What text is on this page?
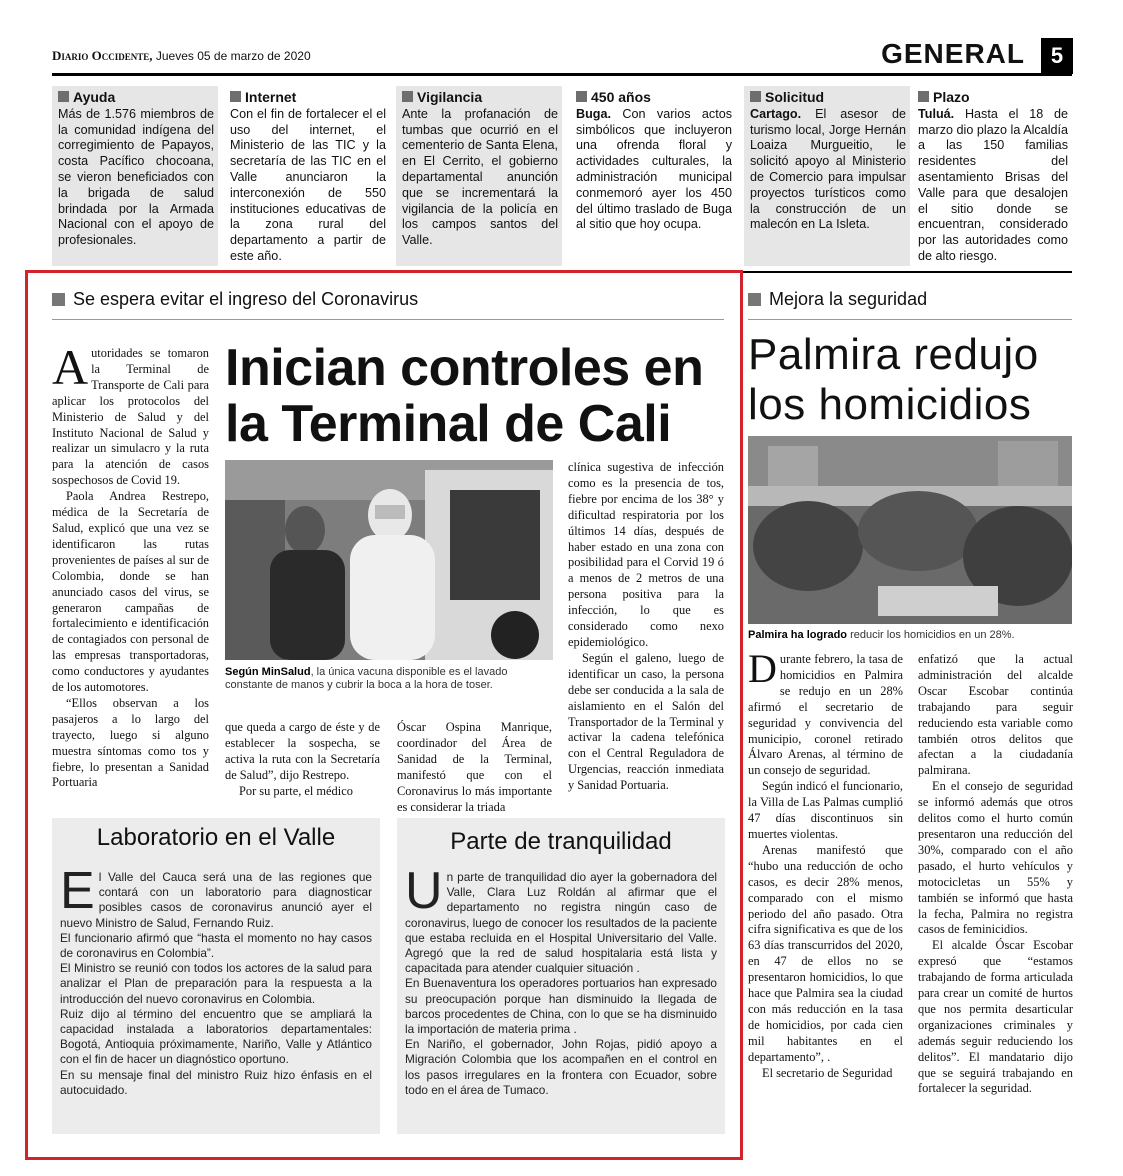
Diario Occidente, Jueves 05 de marzo de 2020	GENERAL	5
Ayuda
Más de 1.576 miembros de la comunidad indígena del corregimiento de Papayos, costa Pacífico chocoana, se vieron beneficiados con la brigada de salud brindada por la Armada Nacional con el apoyo de profesionales.
Internet
Con el fin de fortalecer el el uso del internet, el Ministerio de las TIC y la secretaría de las TIC en el Valle anunciaron la interconexión de 550 instituciones educativas de la zona rural del departamento a partir de este año.
Vigilancia
Ante la profanación de tumbas que ocurrió en el cementerio de Santa Elena, en El Cerrito, el gobierno departamental anunción que se incrementará la vigilancia de la policía en los campos santos del Valle.
450 años
Buga. Con varios actos simbólicos que incluyeron una ofrenda floral y actividades culturales, la administración municipal conmemoró ayer los 450 del último traslado de Buga al sitio que hoy ocupa.
Solicitud
Cartago. El asesor de turismo local, Jorge Hernán Loaiza Murgueitio, le solicitó apoyo al Ministerio de Comercio para impulsar proyectos turísticos como la construcción de un malecón en La Isleta.
Plazo
Tuluá. Hasta el 18 de marzo dio plazo la Alcaldía a las 150 familias residentes del asentamiento Brisas del Valle para que desalojen el sitio donde se encuentran, considerado por las autoridades como de alto riesgo.
Se espera evitar el ingreso del Coronavirus
Inician controles en
la Terminal de Cali

Autoridades se tomaron la Terminal de Transporte de Cali para aplicar los protocolos del Ministerio de Salud y del Instituto Nacional de Salud y realizar un simulacro y la ruta para la atención de casos sospechosos de Covid 19.

Paola Andrea Restrepo, médica de la Secretaría de Salud, explicó que una vez se identificaron las rutas provenientes de países al sur de Colombia, donde se han anunciado casos del virus, se generaron campañas de fortalecimiento e identificación de contagiados con personal de las empresas transportadoras, como conductores y ayudantes de los automotores.

“Ellos observan a los pasajeros a lo largo del trayecto, luego si alguno muestra síntomas como tos y fiebre, lo presentan a Sanidad Portuaria

Según MinSalud, la única vacuna disponible es el lavado constante de manos y cubrir la boca a la hora de toser.

que queda a cargo de éste y de establecer la sospecha, se activa la ruta con la Secretaría de Salud”, dijo Restrepo.

Por su parte, el médico

Óscar Ospina Manrique, coordinador del Área de Sanidad de la Terminal, manifestó que con el Coronavirus lo más importante es considerar la triada

clínica sugestiva de infección como es la presencia de tos, fiebre por encima de los 38° y dificultad respiratoria por los últimos 14 días, después de haber estado en una zona con posibilidad para el Corvid 19 ó a menos de 2 metros de una persona positiva para la infección, lo que es considerado como nexo epidemiológico.

Según el galeno, luego de identificar un caso, la persona debe ser conducida a la sala de aislamiento en el Salón del Transportador de la Terminal y activar la cadena telefónica con el Central Reguladora de Urgencias, reacción inmediata y Sanidad Portuaria.

Laboratorio en el Valle

El Valle del Cauca será una de las regiones que contará con un laboratorio para diagnosticar posibles casos de coronavirus anunció ayer el nuevo Ministro de Salud, Fernando Ruiz.

El funcionario afirmó que “hasta el momento no hay casos de coronavirus en Colombia”.

El Ministro se reunió con todos los actores de la salud para analizar el Plan de preparación para la respuesta a la introducción del nuevo coronavirus en Colombia.

Ruiz dijo al término del encuentro que se ampliará la capacidad instalada a laboratorios departamentales: Bogotá, Antioquia próximamente, Nariño, Valle y Atlántico con el fin de hacer un diagnóstico oportuno.

En su mensaje final del ministro Ruiz hizo énfasis en el autocuidado.

Parte de tranquilidad

Un parte de tranquilidad dio ayer la gobernadora del Valle, Clara Luz Roldán al afirmar que el departamento no registra ningún caso de coronavirus, luego de conocer los resultados de la paciente que estaba recluida en el Hospital Universitario del Valle. Agregó que la red de salud hospitalaria está lista y capacitada para atender cualquier situación .

En Buenaventura los operadores portuarios han expresado su preocupación porque han disminuido la llegada de barcos procedentes de China, con lo que se ha disminuido la importación de materia prima .

En Nariño, el gobernador, John Rojas, pidió apoyo a Migración Colombia que los acompañen en el control en los pasos irregulares en la frontera con Ecuador, sobre todo en el área de Tumaco.

Mejora la seguridad
Palmira redujo
los homicidios
Palmira ha logrado reducir los homicidios en un 28%.

Durante febrero, la tasa de homicidios en Palmira se redujo en un 28% afirmó el secretario de seguridad y convivencia del municipio, coronel retirado Álvaro Arenas, al término de un consejo de seguridad.

Según indicó el funcionario, la Villa de Las Palmas cumplió 47 días discontinuos sin muertes violentas.

Arenas manifestó que “hubo una reducción de ocho casos, es decir 28% menos, comparado con el mismo periodo del año pasado. Otra cifra significativa es que de los 63 días transcurridos del 2020, en 47 de ellos no se presentaron homicidios, lo que hace que Palmira sea la ciudad con más reducción en la tasa de homicidios, por cada cien mil habitantes en el departamento”, .

El secretario de Seguridad

enfatizó que la actual administración del alcalde Oscar Escobar continúa trabajando para seguir reduciendo esta variable como también otros delitos que afectan a la ciudadanía palmirana.

En el consejo de seguridad se informó además que otros delitos como el hurto común presentaron una reducción del 30%, comparado con el año pasado, el hurto vehículos y motocicletas un 55% y también se informó que hasta la fecha, Palmira no registra casos de feminicidios.

El alcalde Óscar Escobar expresó que “estamos trabajando de forma articulada para crear un comité de hurtos que nos permita desarticular organizaciones criminales y además seguir reduciendo los delitos”. El mandatario dijo que se seguirá trabajando en fortalecer la seguridad.
